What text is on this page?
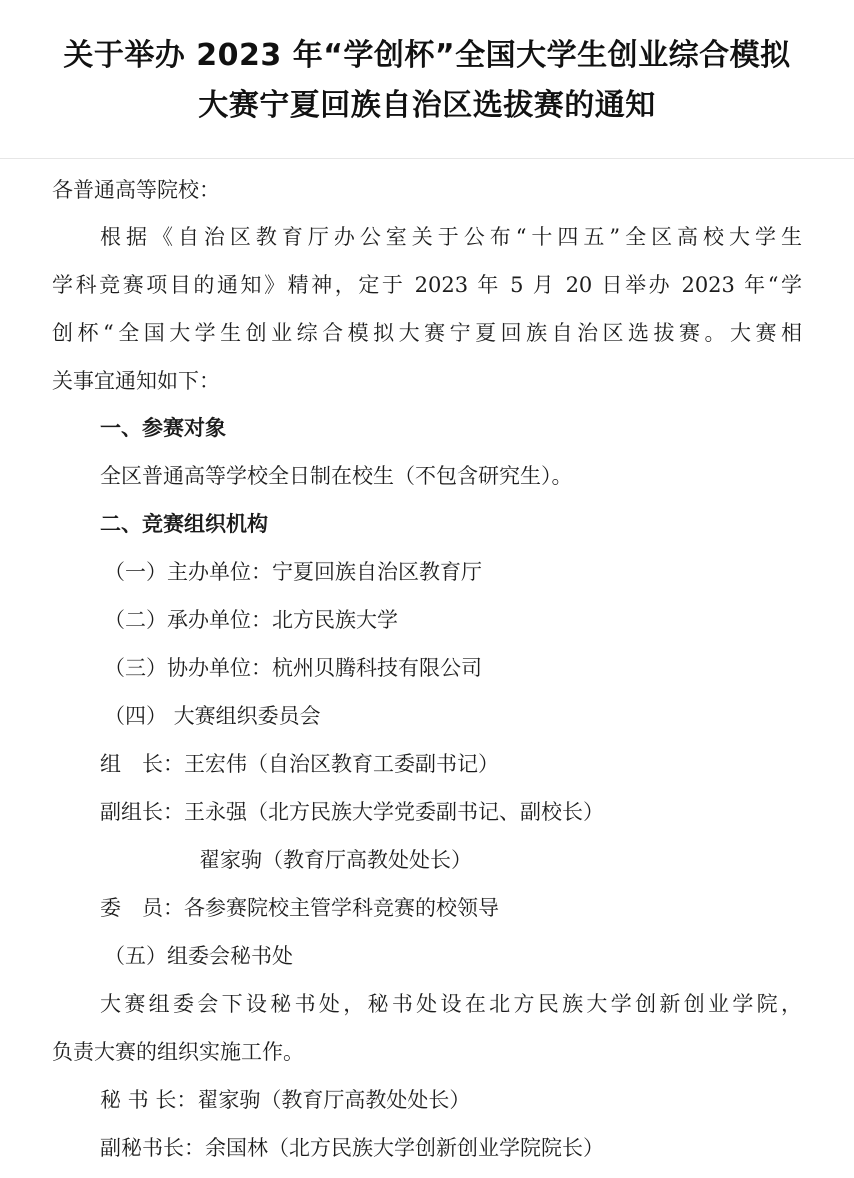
关于举办 2023 年“学创杯”全国大学生创业综合模拟
大赛宁夏回族自治区选拔赛的通知
各普通高等院校：
根据《自治区教育厅办公室关于公布“十四五”全区高校大学生
学科竞赛项目的通知》精神，定于 2023 年 5 月 20 日举办 2023 年“学
创杯“全国大学生创业综合模拟大赛宁夏回族自治区选拔赛。大赛相
关事宜通知如下：
一、参赛对象
全区普通高等学校全日制在校生（不包含研究生）。
二、竞赛组织机构
（一）主办单位：宁夏回族自治区教育厅
（二）承办单位：北方民族大学
（三）协办单位：杭州贝腾科技有限公司
（四） 大赛组织委员会
组　长：王宏伟（自治区教育工委副书记）
副组长：王永强（北方民族大学党委副书记、副校长）
翟家驹（教育厅高教处处长）
委　员：各参赛院校主管学科竞赛的校领导
（五）组委会秘书处
大赛组委会下设秘书处，秘书处设在北方民族大学创新创业学院，
负责大赛的组织实施工作。
秘 书 长：翟家驹（教育厅高教处处长）
副秘书长：余国林（北方民族大学创新创业学院院长）
